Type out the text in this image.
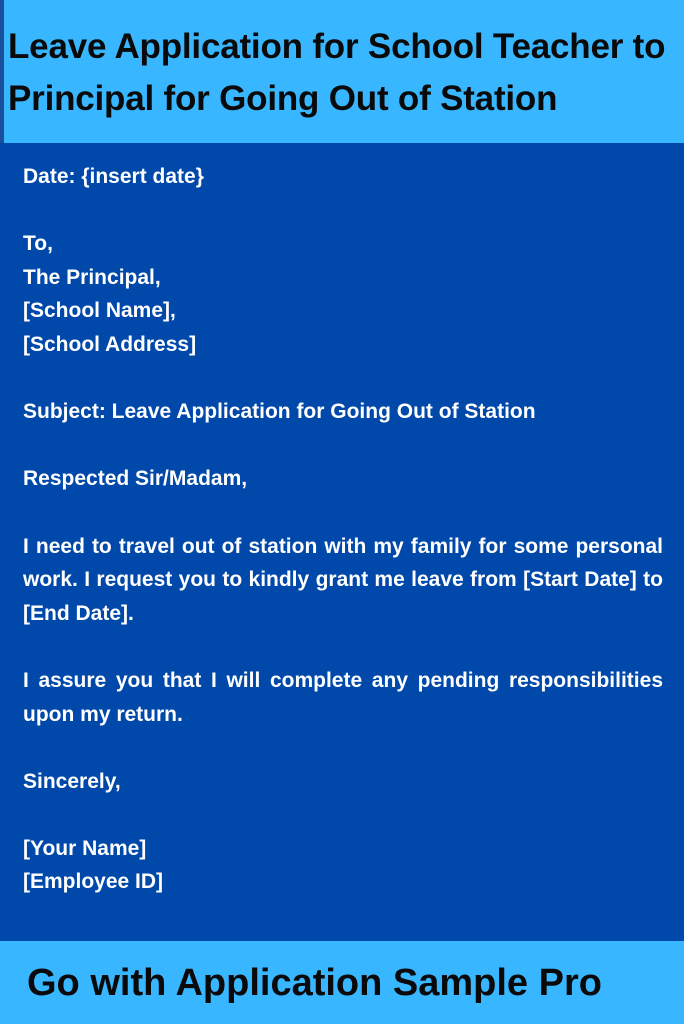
Leave Application for School Teacher to
Principal for Going Out of Station
Date: {insert date}
To,
The Principal,
[School Name],
[School Address]
Subject: Leave Application for Going Out of Station
Respected Sir/Madam,
I need to travel out of station with my family for some personal work. I request you to kindly grant me leave from [Start Date] to [End Date].
I assure you that I will complete any pending responsibilities upon my return.
Sincerely,
[Your Name]
[Employee ID]

Go with Application Sample Pro
